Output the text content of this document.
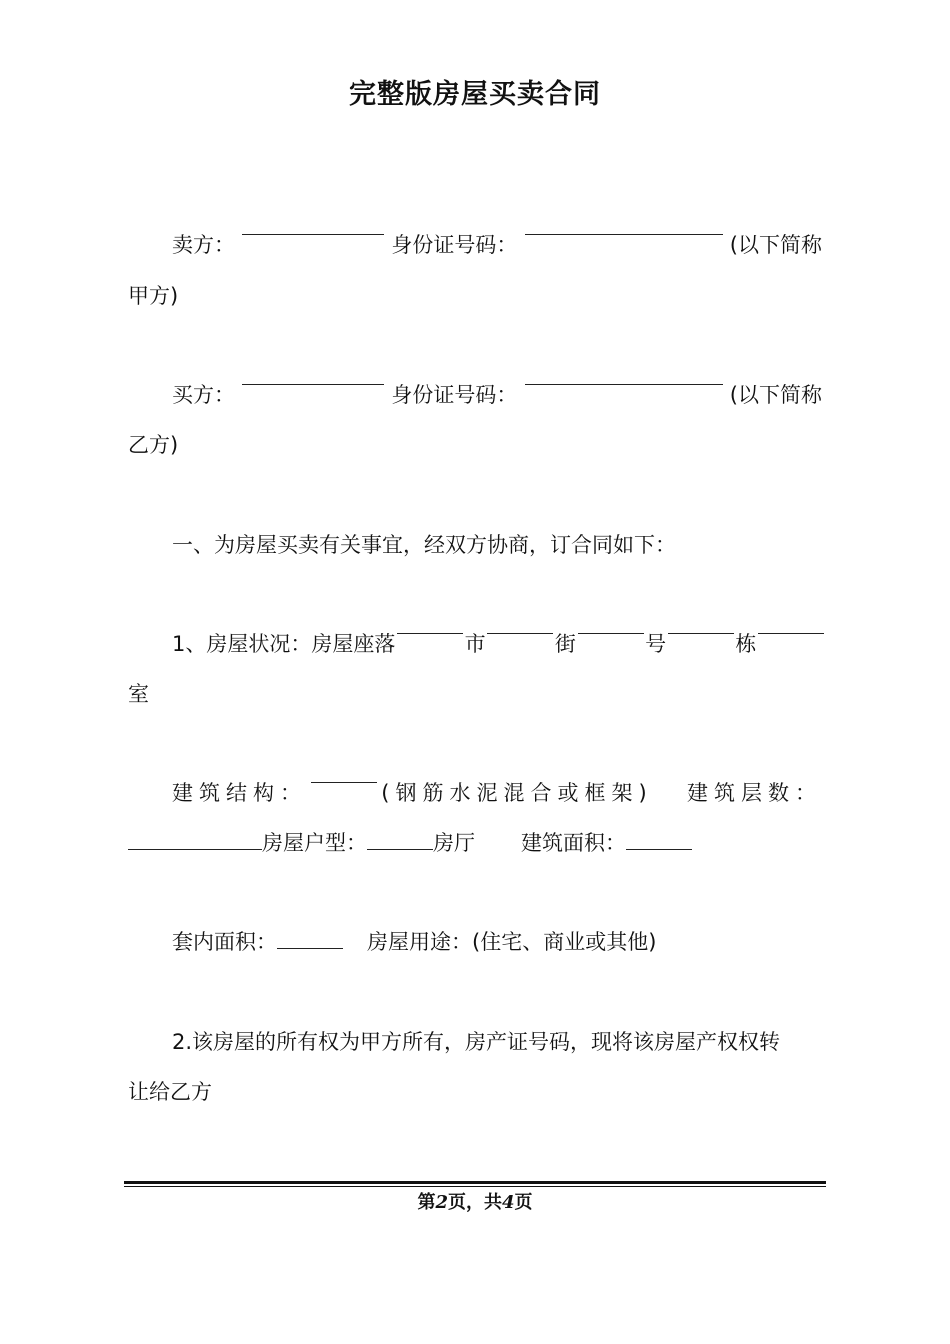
完整版房屋买卖合同
卖方：	身份证号码：	(以下简称
甲方)
买方：	身份证号码：	(以下简称
乙方)
一、为房屋买卖有关事宜，经双方协商，订合同如下：
1、房屋状况：房屋座落	市	街	号	栋
室
建筑结构：	(钢筋水泥混合或框架) 建筑层数：
房屋户型：	房厅 建筑面积：
套内面积：	房屋用途：(住宅、商业或其他)
2.该房屋的所有权为甲方所有，房产证号码，现将该房屋产权权转
让给乙方
第2页，共4页
